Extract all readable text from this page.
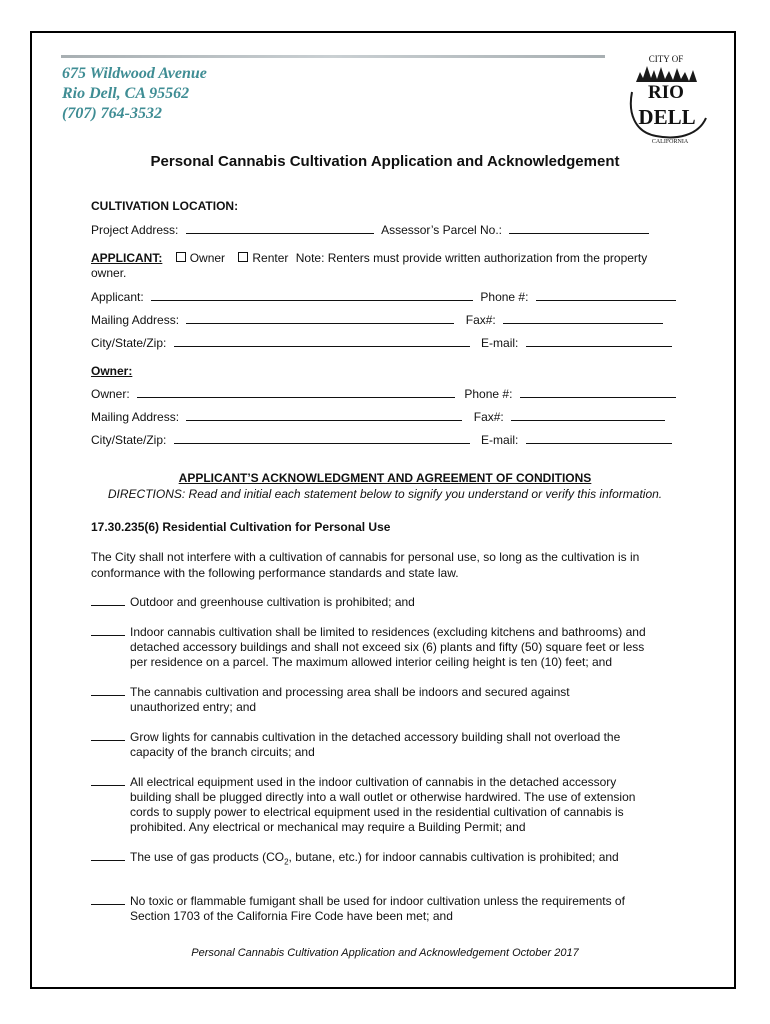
675 Wildwood Avenue
Rio Dell, CA 95562
(707) 764-3532
CITY OF
RIO
DELL
CALIFORNIA
Personal Cannabis Cultivation Application and Acknowledgement
CULTIVATION LOCATION:
Project Address:	Assessor’s Parcel No.:
APPLICANT: Owner Renter Note: Renters must provide written authorization from the property
owner.
Applicant:	Phone #:
Mailing Address:	Fax#:
City/State/Zip:	E-mail:
Owner:
Owner:	Phone #:
Mailing Address:	Fax#:
City/State/Zip:	E-mail:
APPLICANT’S ACKNOWLEDGMENT AND AGREEMENT OF CONDITIONS
DIRECTIONS: Read and initial each statement below to signify you understand or verify this information.
17.30.235(6) Residential Cultivation for Personal Use
The City shall not interfere with a cultivation of cannabis for personal use, so long as the cultivation is in
conformance with the following performance standards and state law.
Outdoor and greenhouse cultivation is prohibited; and
Indoor cannabis cultivation shall be limited to residences (excluding kitchens and bathrooms) and
detached accessory buildings and shall not exceed six (6) plants and fifty (50) square feet or less
per residence on a parcel. The maximum allowed interior ceiling height is ten (10) feet; and
The cannabis cultivation and processing area shall be indoors and secured against
unauthorized entry; and
Grow lights for cannabis cultivation in the detached accessory building shall not overload the
capacity of the branch circuits; and
All electrical equipment used in the indoor cultivation of cannabis in the detached accessory
building shall be plugged directly into a wall outlet or otherwise hardwired. The use of extension
cords to supply power to electrical equipment used in the residential cultivation of cannabis is
prohibited. Any electrical or mechanical may require a Building Permit; and
The use of gas products ($CO_2$, butane, etc.) for indoor cannabis cultivation is prohibited; and
No toxic or flammable fumigant shall be used for indoor cultivation unless the requirements of
Section 1703 of the California Fire Code have been met; and
Personal Cannabis Cultivation Application and Acknowledgement October 2017
